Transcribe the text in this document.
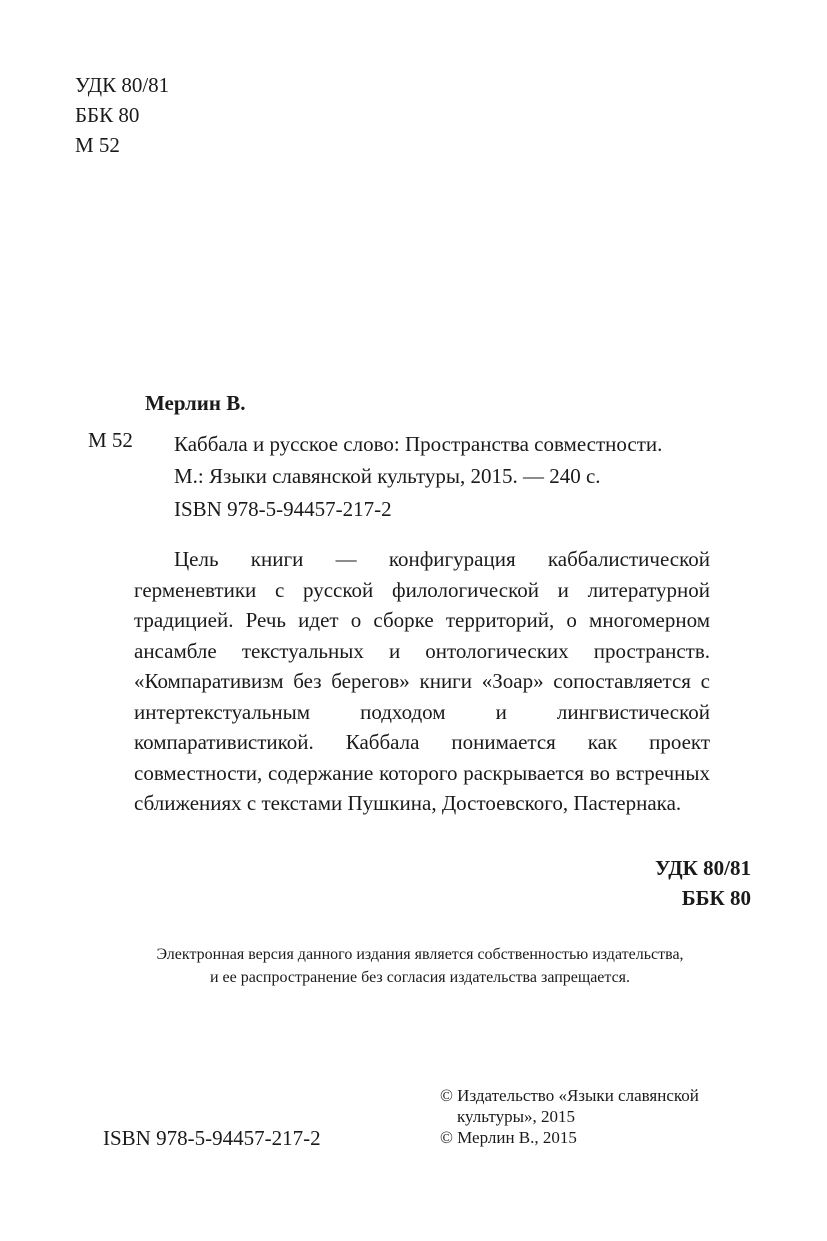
УДК 80/81
ББК 80
М 52
Мерлин В.
М 52 Каббала и русское слово: Пространства совместности.
М.: Языки славянской культуры, 2015. — 240 с.
ISBN 978-5-94457-217-2
Цель книги — конфигурация каббалистической герменевтики с русской филологической и литературной традицией. Речь идет о сборке территорий, о многомерном ансамбле текстуальных и онтологических пространств. «Компаративизм без берегов» книги «Зоар» сопоставляется с интертекстуальным подходом и лингвистической компаративистикой. Каббала понимается как проект совместности, содержание которого раскрывается во встречных сближениях с текстами Пушкина, Достоевского, Пастернака.
УДК 80/81
ББК 80
Электронная версия данного издания является собственностью издательства,
и ее распространение без согласия издательства запрещается.
© Издательство «Языки славянской
культуры», 2015
© Мерлин В., 2015
ISBN 978-5-94457-217-2
